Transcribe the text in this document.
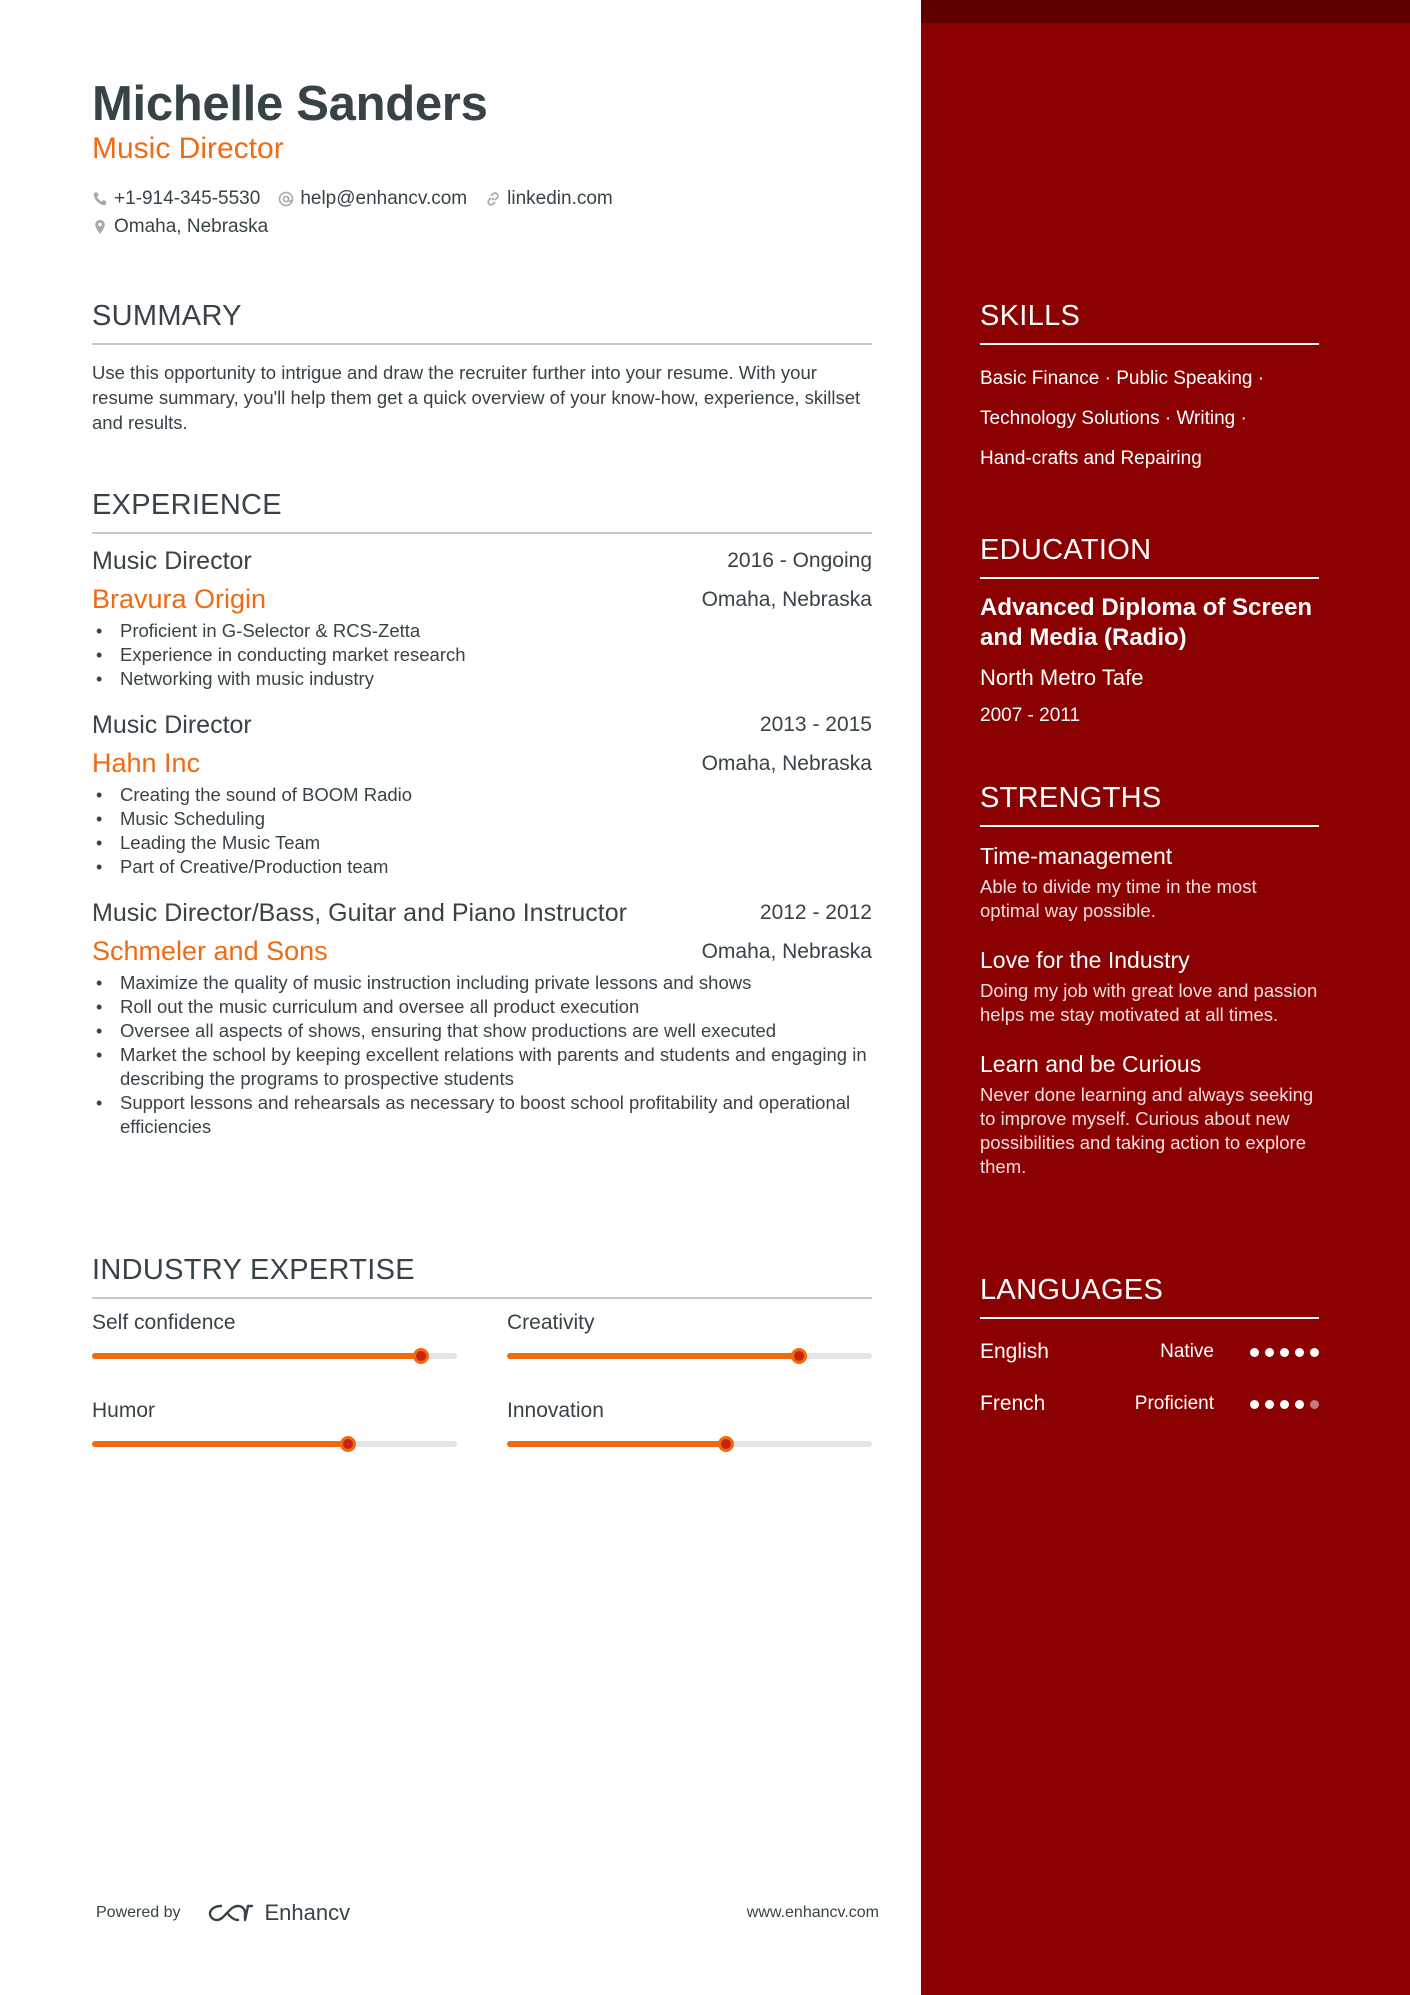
Michelle Sanders
Music Director
+1-914-345-5530 help@enhancv.com linkedin.com
Omaha, Nebraska
SUMMARY
Use this opportunity to intrigue and draw the recruiter further into your resume. With your resume summary, you'll help them get a quick overview of your know-how, experience, skillset and results.
EXPERIENCE
Music Director	2016 - Ongoing
Bravura Origin	Omaha, Nebraska
• Proficient in G-Selector & RCS-Zetta
• Experience in conducting market research
• Networking with music industry
Music Director	2013 - 2015
Hahn Inc	Omaha, Nebraska
• Creating the sound of BOOM Radio
• Music Scheduling
• Leading the Music Team
• Part of Creative/Production team
Music Director/Bass, Guitar and Piano Instructor	2012 - 2012
Schmeler and Sons	Omaha, Nebraska
• Maximize the quality of music instruction including private lessons and shows
• Roll out the music curriculum and oversee all product execution
• Oversee all aspects of shows, ensuring that show productions are well executed
• Market the school by keeping excellent relations with parents and students and engaging in describing the programs to prospective students
• Support lessons and rehearsals as necessary to boost school profitability and operational efficiencies
INDUSTRY EXPERTISE
Self confidence	Creativity
Humor	Innovation
Powered by	Enhancv	www.enhancv.com
SKILLS
Basic Finance · Public Speaking ·
Technology Solutions · Writing ·
Hand-crafts and Repairing
EDUCATION
Advanced Diploma of Screen and Media (Radio)
North Metro Tafe
2007 - 2011
STRENGTHS
Time-management
Able to divide my time in the most optimal way possible.
Love for the Industry
Doing my job with great love and passion helps me stay motivated at all times.
Learn and be Curious
Never done learning and always seeking to improve myself. Curious about new possibilities and taking action to explore them.
LANGUAGES
English	Native
French	Proficient
